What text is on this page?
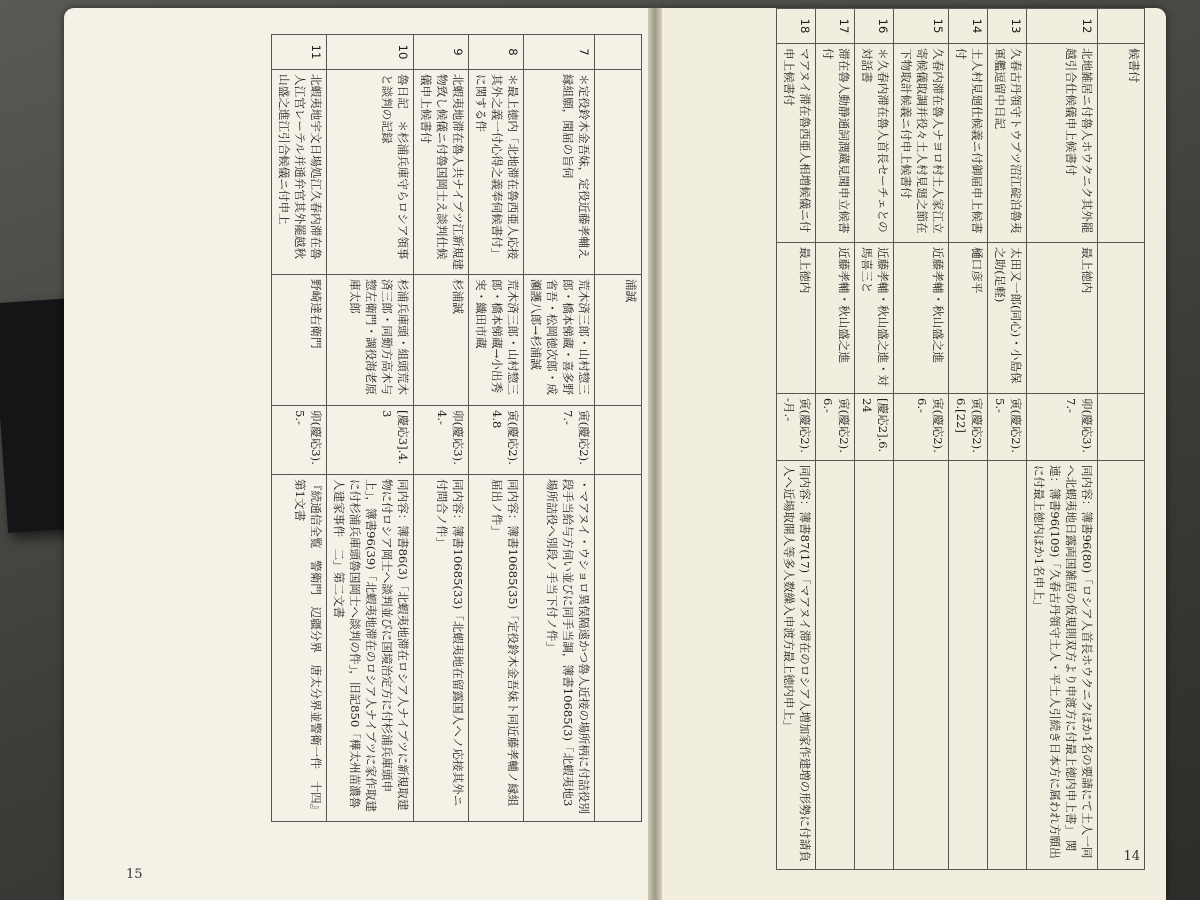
15
14
		浦誠		
7	＊定役鈴木金吾妹，定役近藤孝輔え縁組願，聞届の旨伺	荒木済三郎・山村惣三郎・橋本悌蔵・喜多野省吾・松岡徳次郎・成瀬護八郎→杉浦誠	寅(慶応2).7.-	・マアヌイ・ウショロ異俣隔遠かつ魯人近接の場所柄に付詰役別段手当給与方伺い並びに同手当調，簿書10685(3)「北蝦夷地3場所詰役へ別段ノ手当下付ノ件」
8	＊最上徳内「北地滞在魯西亜人応接其外之義一付心得之義奉伺候書付」に関する件	荒木済三郎・山村惣三郎・橋本悌蔵→小出秀実・織田市蔵	寅(慶応2).4.8	同内容：簿書10685(35)「定役鈴木金吾妹ト同近藤孝輔ノ縁組届出ノ件」
9	北蝦夷地滞在魯人共ナイブツ江新規建物致し候儀ニ付魯国岡士え談判仕候儀申上候書付	杉浦誠	卯(慶応3).4.-	同内容：簿書10685(33)「北蝦夷地在留露国人ヘノ応接其外ニ付問合ノ件」
10	魯日記　＊杉浦兵庫守らロシア領事と談判の記録	杉浦兵庫頭・組頭荒木済三郎・同勤方高木与惣左衛門・調役海老原庫太郎	[慶応3].4.3	同内容：簿書86(3)「北蝦夷地滞在ロシア人ナイブツに新規取建物に付ロシア岡士へ談判並びに国境治定方に付杉浦兵庫頭申上」，簿書96(39)「北蝦夷地滞在のロシア人ナイブツに家作取建に付杉浦兵庫頭魯国岡士へ談判の件」，旧記850「樺太州苗濃魯人建家事件　二」第二文書
11	北蝦夷地宇文日場処江久春内滞在魯人江官レーテル并通弁官其外罷越秋山盛之進江引合候儀ニ付申上	野崎達右衛門	卯(慶応3).5.-	『続通信全覧　警衛門　辺疆分界　唐太分界並警衛一件　十四』第1文書
	候書付			
12	北地雑居ニ付魯人ホウクニク其外罷越引合仕候儀申上候書付	最上徳内	卯(慶応3).7.-	同内容：簿書96(80)「ロシア人首長ホウクニクほか1名の要請にて土人一同へ北蝦夷地日露両国雑居の仮規則双方より申渡方に付最上徳内申上書」 関連：簿書96(109)「久春古丹領守土人・平土人引続き日本方に属われ方願出に付最上徳内ほか1名申上」
13	久春古丹領守トウブツ沼江碇泊魯夷軍艦逗留中日記	太田又一郎(同心)・小島保之助(足軽)	寅(慶応2).5.-	
14	土人村見廻仕候義ニ付御届申上候書付	樋口彦平	寅(慶応2).6.[22]	
15	久春内滞在魯人ナヨロ村土人家江立寄候儀取調并役々土人村見廻之節在下物取計候義ニ付申上候書付	近藤孝輔・秋山盛之進	寅(慶応2).6.-	
16	＊久春内滞在魯人首長セーチェとの対話書	近藤孝輔・秋山盛之進・対馬喜三と	[慶応2].6.24	
17	滞在魯人動静通詞潤蔵見聞申立候書付	近藤孝輔・秋山盛之進	寅(慶応2).6.-	
18	マアヌイ滞在魯西亜人相増候儀ニ付申上候書付	最上徳内	寅(慶応2).-月.-	同内容：簿書87(17)「マアヌイ滞在のロシア人増加家作建増の形勢に付請負人へ近場取開人等多人数繰入申渡方最上徳内申上」
